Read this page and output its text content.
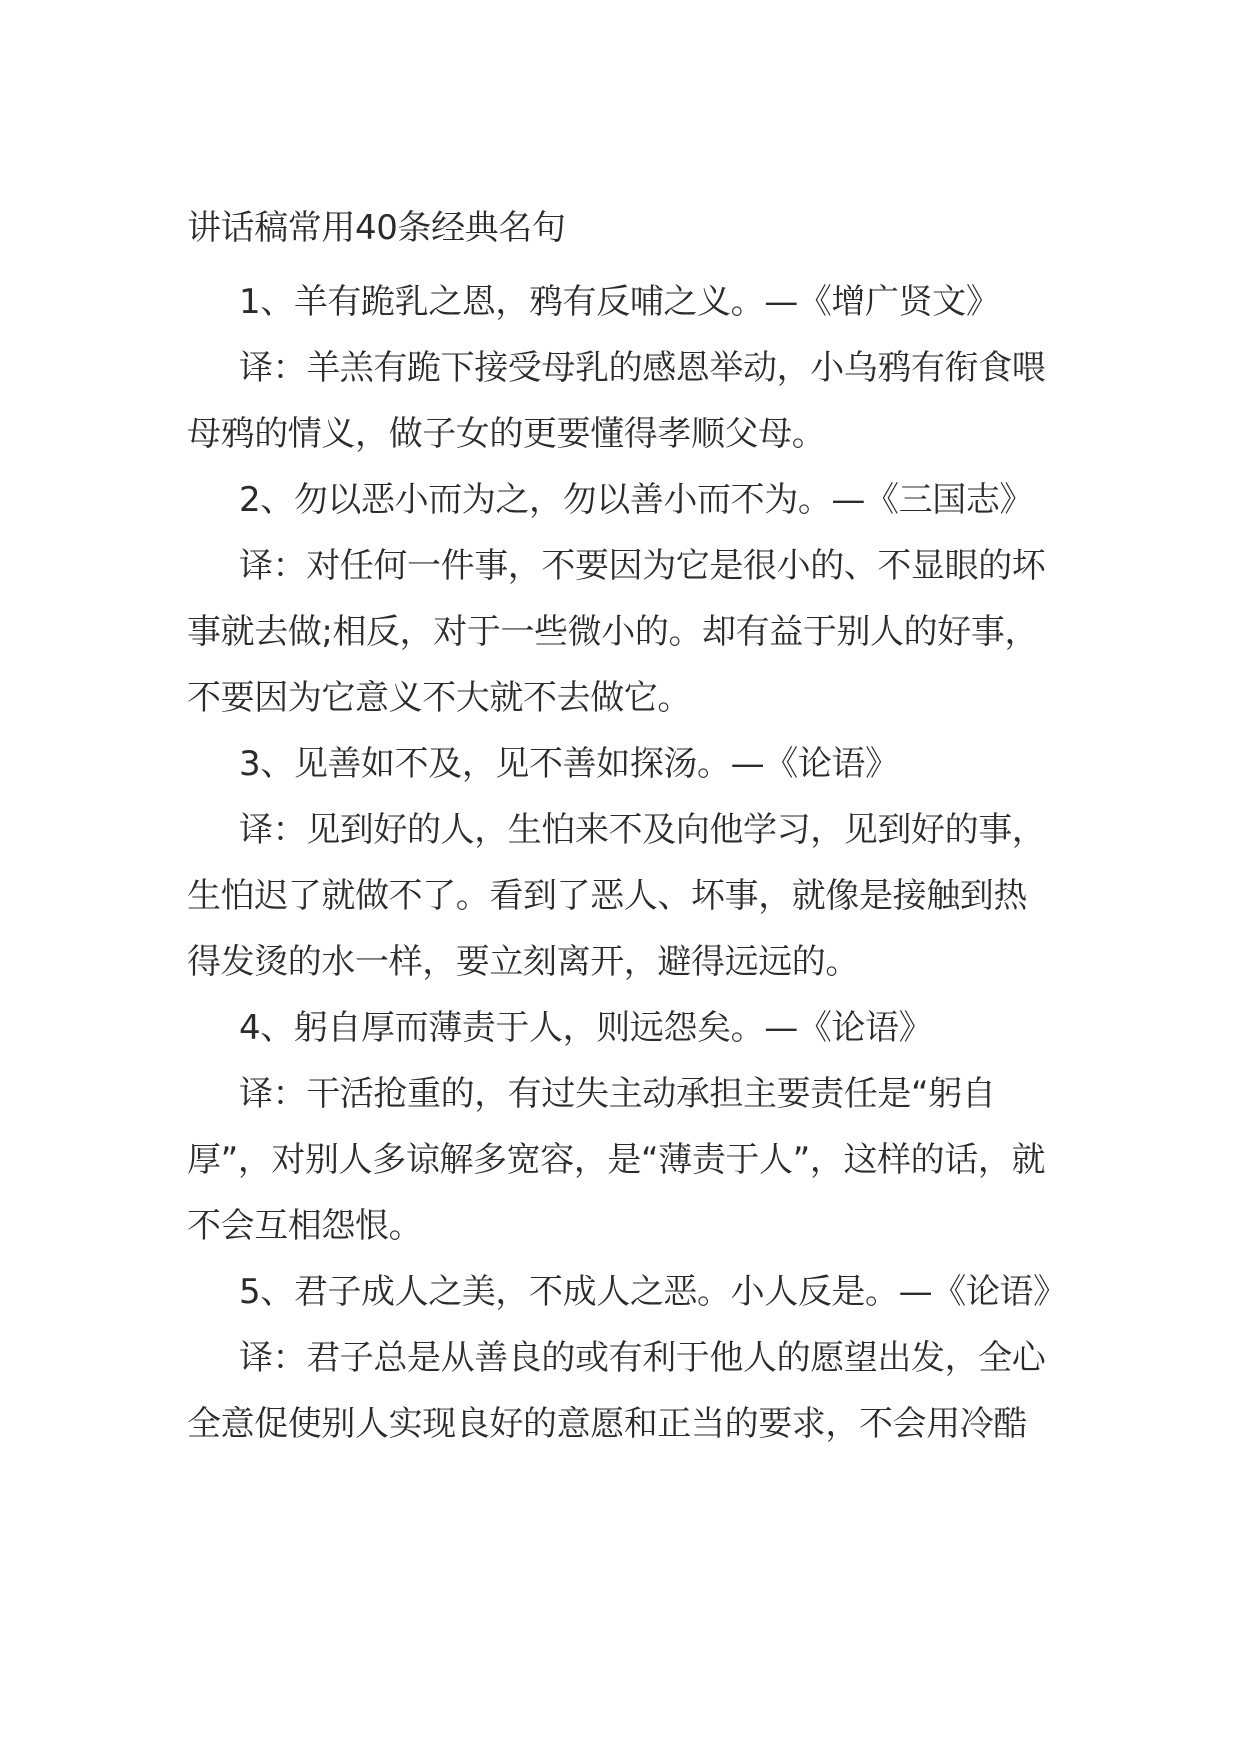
讲话稿常用40条经典名句

1、羊有跪乳之恩，鸦有反哺之义。—《增广贤文》

译：羊羔有跪下接受母乳的感恩举动，小乌鸦有衔食喂母鸦的情义，做子女的更要懂得孝顺父母。

2、勿以恶小而为之，勿以善小而不为。—《三国志》

译：对任何一件事，不要因为它是很小的、不显眼的坏事就去做;相反，对于一些微小的。却有益于别人的好事，不要因为它意义不大就不去做它。

3、见善如不及，见不善如探汤。—《论语》

译：见到好的人，生怕来不及向他学习，见到好的事，生怕迟了就做不了。看到了恶人、坏事，就像是接触到热得发烫的水一样，要立刻离开，避得远远的。

4、躬自厚而薄责于人，则远怨矣。—《论语》

译：干活抢重的，有过失主动承担主要责任是“躬自厚”，对别人多谅解多宽容，是“薄责于人”，这样的话，就不会互相怨恨。

5、君子成人之美，不成人之恶。小人反是。—《论语》

译：君子总是从善良的或有利于他人的愿望出发，全心全意促使别人实现良好的意愿和正当的要求，不会用冷酷
